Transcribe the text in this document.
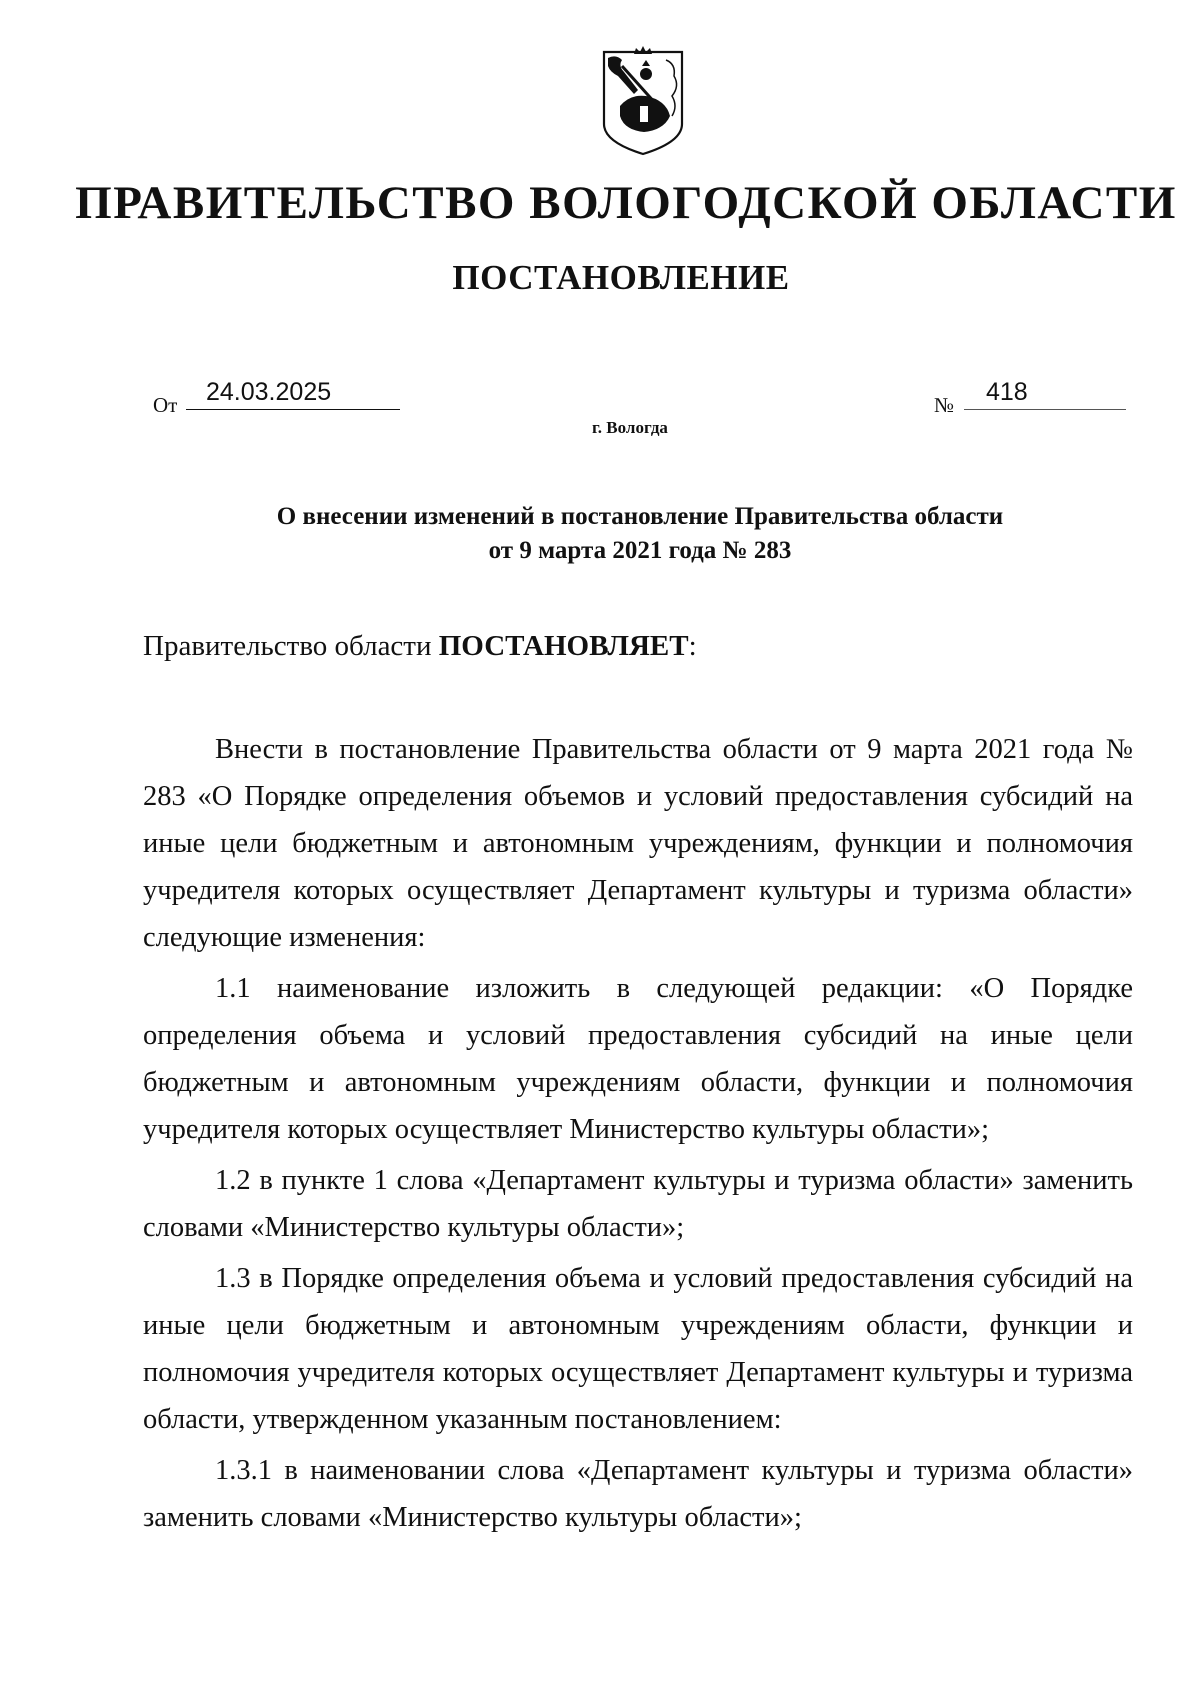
ПРАВИТЕЛЬСТВО ВОЛОГОДСКОЙ ОБЛАСТИ
ПОСТАНОВЛЕНИЕ
От 24.03.2025	№ 418
г. Вологда
О внесении изменений в постановление Правительства области
от 9 марта 2021 года № 283
Правительство области ПОСТАНОВЛЯЕТ:

Внести в постановление Правительства области от 9 марта 2021 года № 283 «О Порядке определения объемов и условий предоставления субсидий на иные цели бюджетным и автономным учреждениям, функции и полномочия учредителя которых осуществляет Департамент культуры и туризма области» следующие изменения:

1.1 наименование изложить в следующей редакции: «О Порядке определения объема и условий предоставления субсидий на иные цели бюджетным и автономным учреждениям области, функции и полномочия учредителя которых осуществляет Министерство культуры области»;

1.2 в пункте 1 слова «Департамент культуры и туризма области» заменить словами «Министерство культуры области»;

1.3 в Порядке определения объема и условий предоставления субсидий на иные цели бюджетным и автономным учреждениям области, функции и полномочия учредителя которых осуществляет Департамент культуры и туризма области, утвержденном указанным постановлением:

1.3.1 в наименовании слова «Департамент культуры и туризма области» заменить словами «Министерство культуры области»;
